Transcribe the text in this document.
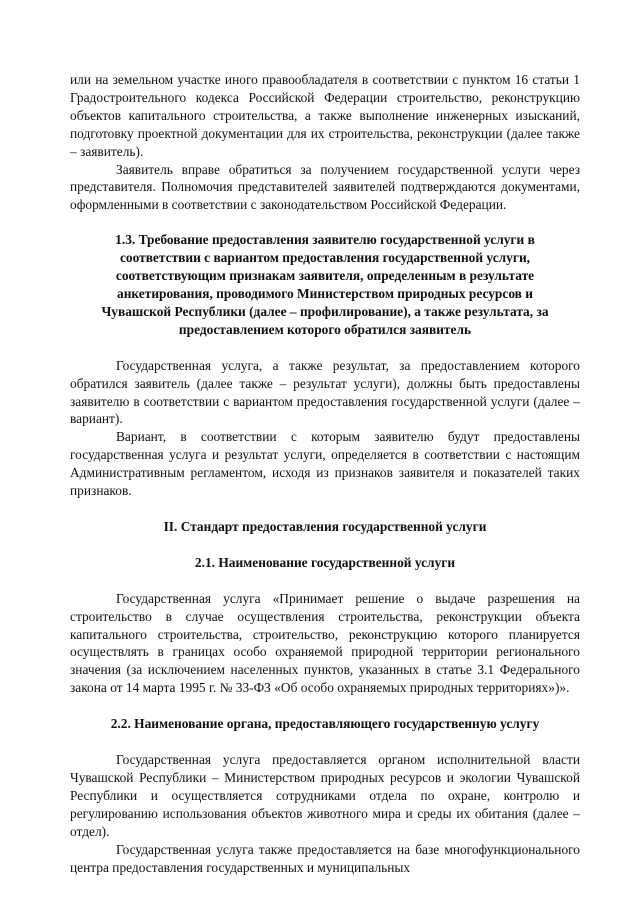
или на земельном участке иного правообладателя в соответствии с пунктом 16 статьи 1 Градостроительного кодекса Российской Федерации строительство, реконструкцию объектов капитального строительства, а также выполнение инженерных изысканий, подготовку проектной документации для их строительства, реконструкции (далее также – заявитель).

Заявитель вправе обратиться за получением государственной услуги через представителя. Полномочия представителей заявителей подтверждаются документами, оформленными в соответствии с законодательством Российской Федерации.

1.3. Требование предоставления заявителю государственной услуги в соответствии с вариантом предоставления государственной услуги, соответствующим признакам заявителя, определенным в результате анкетирования, проводимого Министерством природных ресурсов и Чувашской Республики (далее – профилирование), а также результата, за предоставлением которого обратился заявитель

Государственная услуга, а также результат, за предоставлением которого обратился заявитель (далее также – результат услуги), должны быть предоставлены заявителю в соответствии с вариантом предоставления государственной услуги (далее – вариант).

Вариант, в соответствии с которым заявителю будут предоставлены государственная услуга и результат услуги, определяется в соответствии с настоящим Административным регламентом, исходя из признаков заявителя и показателей таких признаков.

II. Стандарт предоставления государственной услуги

2.1. Наименование государственной услуги

Государственная услуга «Принимает решение о выдаче разрешения на строительство в случае осуществления строительства, реконструкции объекта капитального строительства, строительство, реконструкцию которого планируется осуществлять в границах особо охраняемой природной территории регионального значения (за исключением населенных пунктов, указанных в статье 3.1 Федерального закона от 14 марта 1995 г. № 33-ФЗ «Об особо охраняемых природных территориях»)».

2.2. Наименование органа, предоставляющего государственную услугу

Государственная услуга предоставляется органом исполнительной власти Чувашской Республики – Министерством природных ресурсов и экологии Чувашской Республики и осуществляется сотрудниками отдела по охране, контролю и регулированию использования объектов животного мира и среды их обитания (далее – отдел).

Государственная услуга также предоставляется на базе многофункционального центра предоставления государственных и муниципальных
